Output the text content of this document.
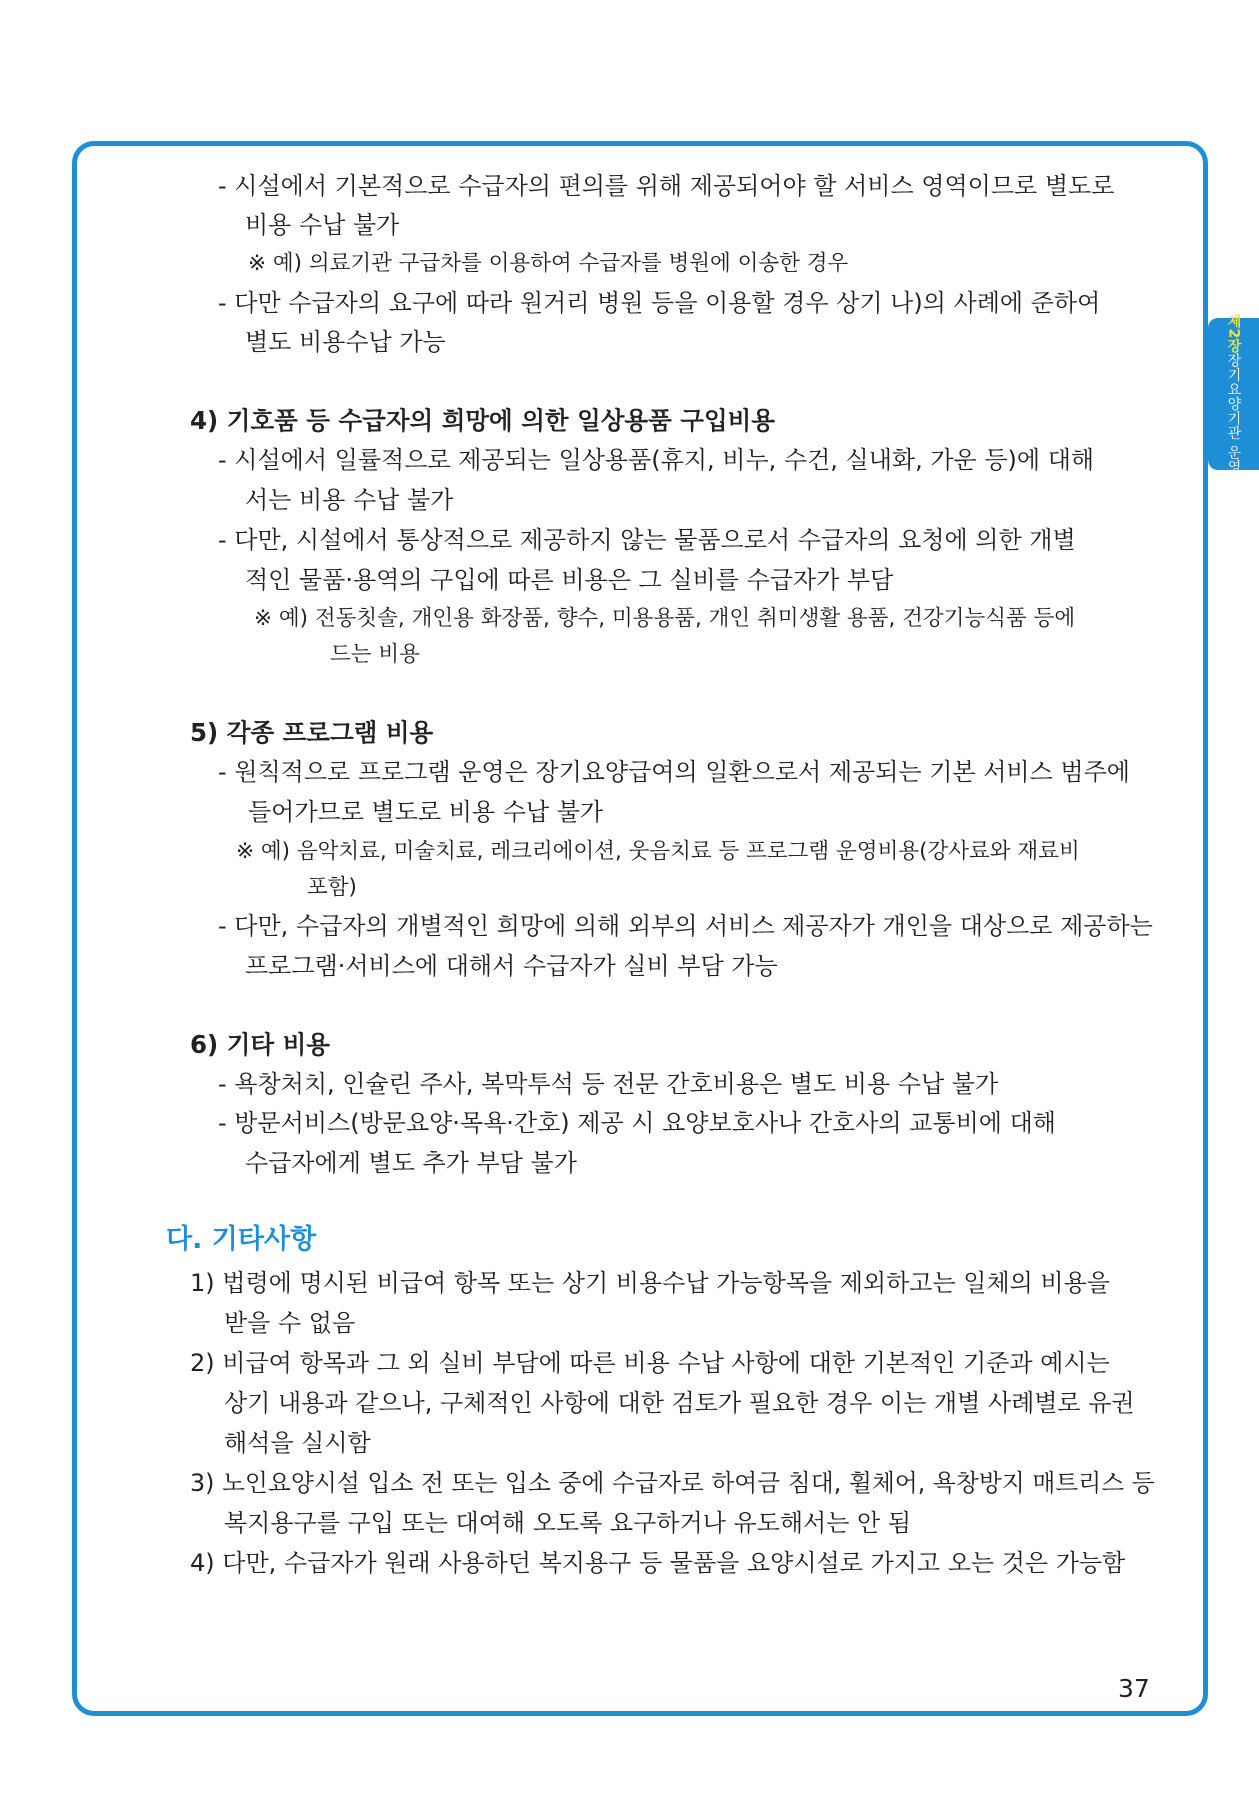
제2장장기요양기관 운영
- 시설에서 기본적으로 수급자의 편의를 위해 제공되어야 할 서비스 영역이므로 별도로
비용 수납 불가
※ 예) 의료기관 구급차를 이용하여 수급자를 병원에 이송한 경우
- 다만 수급자의 요구에 따라 원거리 병원 등을 이용할 경우 상기 나)의 사례에 준하여
별도 비용수납 가능
4) 기호품 등 수급자의 희망에 의한 일상용품 구입비용
- 시설에서 일률적으로 제공되는 일상용품(휴지, 비누, 수건, 실내화, 가운 등)에 대해
서는 비용 수납 불가
- 다만, 시설에서 통상적으로 제공하지 않는 물품으로서 수급자의 요청에 의한 개별
적인 물품·용역의 구입에 따른 비용은 그 실비를 수급자가 부담
※ 예) 전동칫솔, 개인용 화장품, 향수, 미용용품, 개인 취미생활 용품, 건강기능식품 등에
드는 비용
5) 각종 프로그램 비용
- 원칙적으로 프로그램 운영은 장기요양급여의 일환으로서 제공되는 기본 서비스 범주에
들어가므로 별도로 비용 수납 불가
※ 예) 음악치료, 미술치료, 레크리에이션, 웃음치료 등 프로그램 운영비용(강사료와 재료비
포함)
- 다만, 수급자의 개별적인 희망에 의해 외부의 서비스 제공자가 개인을 대상으로 제공하는
프로그램·서비스에 대해서 수급자가 실비 부담 가능
6) 기타 비용
- 욕창처치, 인슐린 주사, 복막투석 등 전문 간호비용은 별도 비용 수납 불가
- 방문서비스(방문요양·목욕·간호) 제공 시 요양보호사나 간호사의 교통비에 대해
수급자에게 별도 추가 부담 불가
다. 기타사항
1) 법령에 명시된 비급여 항목 또는 상기 비용수납 가능항목을 제외하고는 일체의 비용을
받을 수 없음
2) 비급여 항목과 그 외 실비 부담에 따른 비용 수납 사항에 대한 기본적인 기준과 예시는
상기 내용과 같으나, 구체적인 사항에 대한 검토가 필요한 경우 이는 개별 사례별로 유권
해석을 실시함
3) 노인요양시설 입소 전 또는 입소 중에 수급자로 하여금 침대, 휠체어, 욕창방지 매트리스 등
복지용구를 구입 또는 대여해 오도록 요구하거나 유도해서는 안 됨
4) 다만, 수급자가 원래 사용하던 복지용구 등 물품을 요양시설로 가지고 오는 것은 가능함
37
